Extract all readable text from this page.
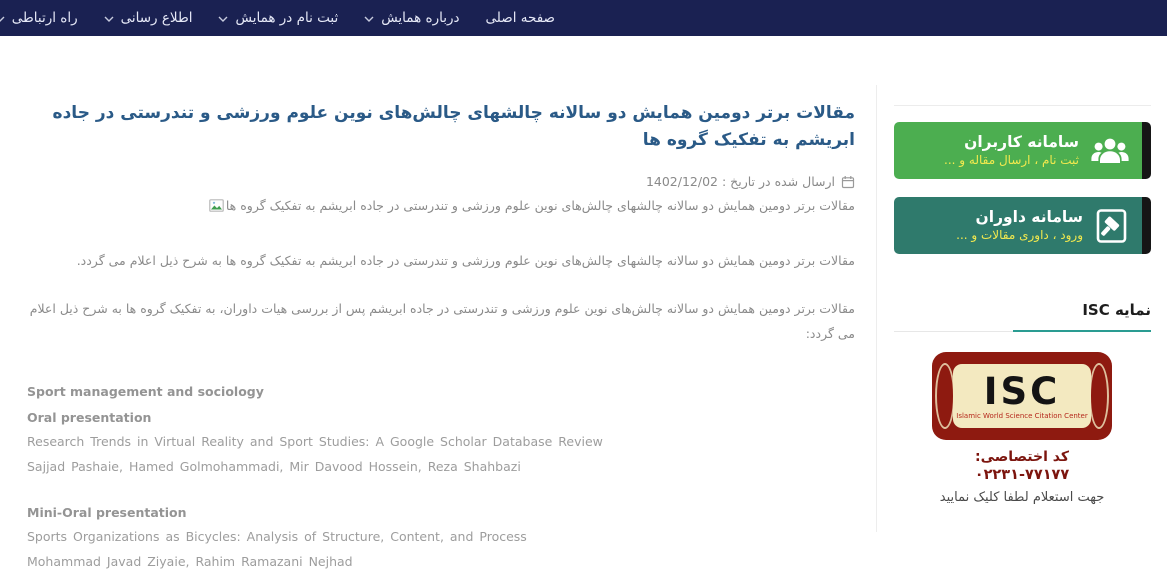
صفحه اصلی
درباره همایش
ثبت نام در همایش
اطلاع رسانی
راه ارتباطی
مقالات برتر دومین همایش دو سالانه چالشهای چالش‌های نوین علوم ورزشی و تندرستی در جاده ابریشم به تفکیک گروه ها
ارسال شده در تاریخ : 1402/12/02
مقالات برتر دومین همایش دو سالانه چالشهای چالش‌های نوین علوم ورزشی و تندرستی در جاده ابریشم به تفکیک گروه ها

مقالات برتر دومین همایش دو سالانه چالشهای چالش‌های نوین علوم ورزشی و تندرستی در جاده ابریشم به تفکیک گروه ها به شرح ذیل اعلام می گردد.

مقالات برتر دومین همایش دو سالانه چالش‌های نوین علوم ورزشی و تندرستی در جاده ابریشم پس از بررسی هیات داوران، به تفکیک گروه ها به شرح ذیل اعلام می گردد:

Sport management and sociology
Oral presentation
Research Trends in Virtual Reality and Sport Studies: A Google Scholar Database Review
Sajjad Pashaie, Hamed Golmohammadi, Mir Davood Hossein, Reza Shahbazi
Mini-Oral presentation
Sports Organizations as Bicycles: Analysis of Structure, Content, and Process
Mohammad Javad Ziyaie, Rahim Ramazani Nejhad
سامانه کاربران
ثبت نام ، ارسال مقاله و ...
سامانه داوران
ورود ، داوری مقالات و ...
نمایه ISC
ISC
Islamic World Science Citation Center
کد اختصاصی:
۰۲۲۳۱-۷۷۱۷۷
جهت استعلام لطفا کلیک نمایید
